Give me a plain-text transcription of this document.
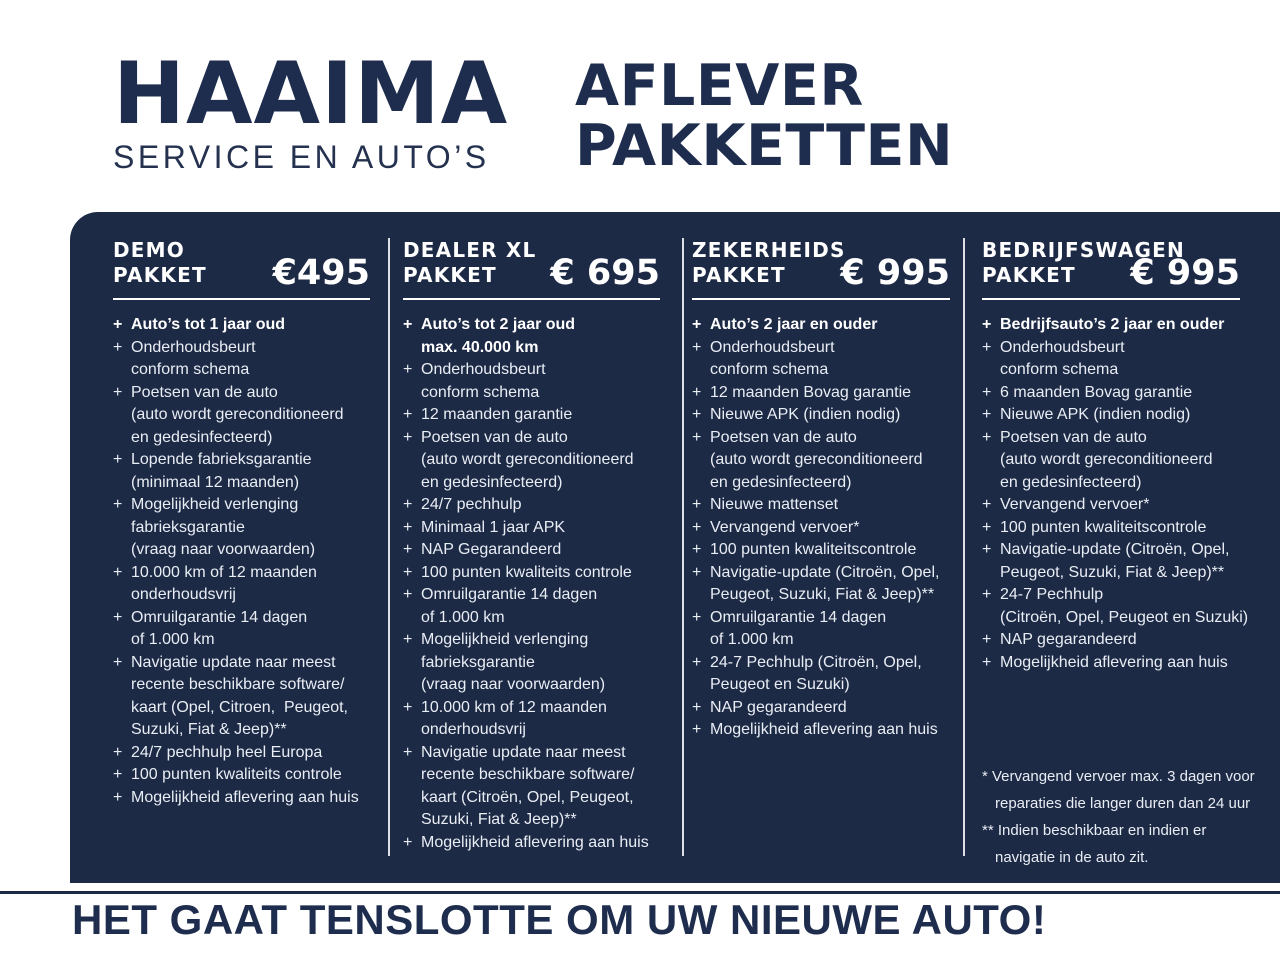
HAAIMA
SERVICE EN AUTO’S
AFLEVER
PAKKETTEN
DEMO
PAKKET	€495
+ Auto’s tot 1 jaar oud
+ Onderhoudsbeurt
conform schema
+ Poetsen van de auto
(auto wordt gereconditioneerd
en gedesinfecteerd)
+ Lopende fabrieksgarantie
(minimaal 12 maanden)
+ Mogelijkheid verlenging
fabrieksgarantie
(vraag naar voorwaarden)
+ 10.000 km of 12 maanden
onderhoudsvrij
+ Omruilgarantie 14 dagen
of 1.000 km
+ Navigatie update naar meest
recente beschikbare software/
kaart (Opel, Citroen,  Peugeot,
Suzuki, Fiat & Jeep)**
+ 24/7 pechhulp heel Europa
+ 100 punten kwaliteits controle
+ Mogelijkheid aflevering aan huis
DEALER XL
PAKKET	€ 695
+ Auto’s tot 2 jaar oud
max. 40.000 km
+ Onderhoudsbeurt
conform schema
+ 12 maanden garantie
+ Poetsen van de auto
(auto wordt gereconditioneerd
en gedesinfecteerd)
+ 24/7 pechhulp
+ Minimaal 1 jaar APK
+ NAP Gegarandeerd
+ 100 punten kwaliteits controle
+ Omruilgarantie 14 dagen
of 1.000 km
+ Mogelijkheid verlenging
fabrieksgarantie
(vraag naar voorwaarden)
+ 10.000 km of 12 maanden
onderhoudsvrij
+ Navigatie update naar meest
recente beschikbare software/
kaart (Citroën, Opel, Peugeot,
Suzuki, Fiat & Jeep)**
+ Mogelijkheid aflevering aan huis
ZEKERHEIDS
PAKKET	€ 995
+ Auto’s 2 jaar en ouder
+ Onderhoudsbeurt
conform schema
+ 12 maanden Bovag garantie
+ Nieuwe APK (indien nodig)
+ Poetsen van de auto
(auto wordt gereconditioneerd
en gedesinfecteerd)
+ Nieuwe mattenset
+ Vervangend vervoer*
+ 100 punten kwaliteitscontrole
+ Navigatie-update (Citroën, Opel,
Peugeot, Suzuki, Fiat & Jeep)**
+ Omruilgarantie 14 dagen
of 1.000 km
+ 24-7 Pechhulp (Citroën, Opel,
Peugeot en Suzuki)
+ NAP gegarandeerd
+ Mogelijkheid aflevering aan huis
BEDRIJFSWAGEN
PAKKET	€ 995
+ Bedrijfsauto’s 2 jaar en ouder
+ Onderhoudsbeurt
conform schema
+ 6 maanden Bovag garantie
+ Nieuwe APK (indien nodig)
+ Poetsen van de auto
(auto wordt gereconditioneerd
en gedesinfecteerd)
+ Vervangend vervoer*
+ 100 punten kwaliteitscontrole
+ Navigatie-update (Citroën, Opel,
Peugeot, Suzuki, Fiat & Jeep)**
+ 24-7 Pechhulp
(Citroën, Opel, Peugeot en Suzuki)
+ NAP gegarandeerd
+ Mogelijkheid aflevering aan huis
* Vervangend vervoer max. 3 dagen voor
reparaties die langer duren dan 24 uur
** Indien beschikbaar en indien er
navigatie in de auto zit.
HET GAAT TENSLOTTE OM UW NIEUWE AUTO!
